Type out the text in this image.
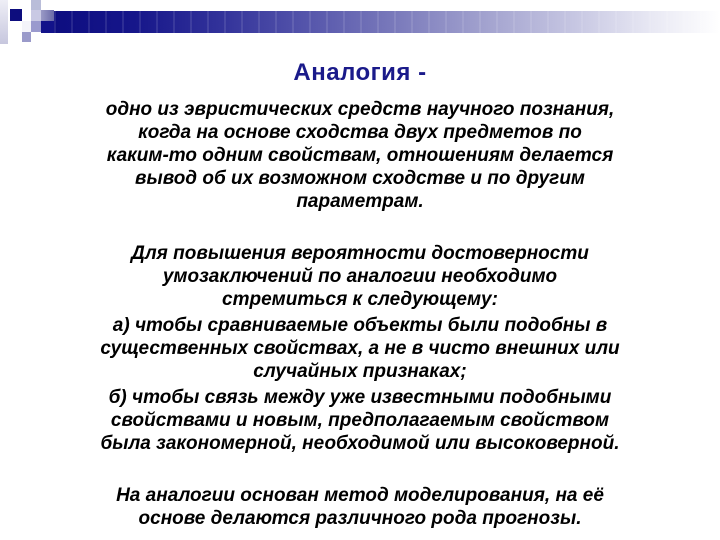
Аналогия -
одно из эвристических средств научного познания,
когда на основе сходства двух предметов по
каким-то одним свойствам, отношениям делается
вывод об их возможном сходстве и по другим
параметрам.
Для повышения вероятности достоверности
умозаключений по аналогии необходимо
стремиться к следующему:
а) чтобы сравниваемые объекты были подобны в
существенных свойствах, а не в чисто внешних или
случайных признаках;
б) чтобы связь между уже известными подобными
свойствами и новым, предполагаемым свойством
была закономерной, необходимой или высоковерной.
На аналогии основан метод моделирования, на её
основе делаются различного рода прогнозы.
